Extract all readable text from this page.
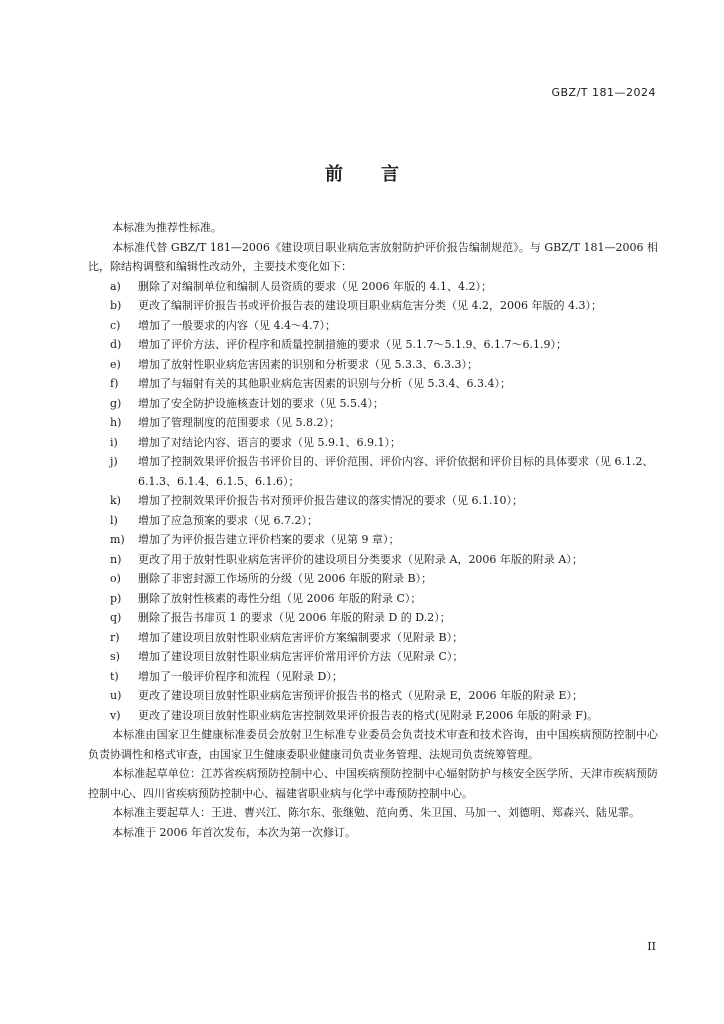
GBZ/T 181—2024
前言
本标准为推荐性标准。
本标准代替 GBZ/T 181—2006《建设项目职业病危害放射防护评价报告编制规范》。与 GBZ/T 181—2006 相比，除结构调整和编辑性改动外，主要技术变化如下：
a) 删除了对编制单位和编制人员资质的要求（见 2006 年版的 4.1、4.2）；
b) 更改了编制评价报告书或评价报告表的建设项目职业病危害分类（见 4.2，2006 年版的 4.3）；
c) 增加了一般要求的内容（见 4.4～4.7）；
d) 增加了评价方法、评价程序和质量控制措施的要求（见 5.1.7～5.1.9、6.1.7～6.1.9）；
e) 增加了放射性职业病危害因素的识别和分析要求（见 5.3.3、6.3.3）；
f) 增加了与辐射有关的其他职业病危害因素的识别与分析（见 5.3.4、6.3.4）；
g) 增加了安全防护设施核查计划的要求（见 5.5.4）；
h) 增加了管理制度的范围要求（见 5.8.2）；
i) 增加了对结论内容、语言的要求（见 5.9.1、6.9.1）；
j) 增加了控制效果评价报告书评价目的、评价范围、评价内容、评价依据和评价目标的具体要求（见 6.1.2、6.1.3、6.1.4、6.1.5、6.1.6）；
k) 增加了控制效果评价报告书对预评价报告建议的落实情况的要求（见 6.1.10）；
l) 增加了应急预案的要求（见 6.7.2）；
m) 增加了为评价报告建立评价档案的要求（见第 9 章）；
n) 更改了用于放射性职业病危害评价的建设项目分类要求（见附录 A，2006 年版的附录 A）；
o) 删除了非密封源工作场所的分级（见 2006 年版的附录 B）；
p) 删除了放射性核素的毒性分组（见 2006 年版的附录 C）；
q) 删除了报告书扉页 1 的要求（见 2006 年版的附录 D 的 D.2）；
r) 增加了建设项目放射性职业病危害评价方案编制要求（见附录 B）；
s) 增加了建设项目放射性职业病危害评价常用评价方法（见附录 C）；
t) 增加了一般评价程序和流程（见附录 D）；
u) 更改了建设项目放射性职业病危害预评价报告书的格式（见附录 E，2006 年版的附录 E）；
v) 更改了建设项目放射性职业病危害控制效果评价报告表的格式(见附录 F,2006 年版的附录 F)。
本标准由国家卫生健康标准委员会放射卫生标准专业委员会负责技术审查和技术咨询，由中国疾病预防控制中心负责协调性和格式审查，由国家卫生健康委职业健康司负责业务管理、法规司负责统筹管理。
本标准起草单位：江苏省疾病预防控制中心、中国疾病预防控制中心辐射防护与核安全医学所、天津市疾病预防控制中心、四川省疾病预防控制中心、福建省职业病与化学中毒预防控制中心。
本标准主要起草人：王进、曹兴江、陈尔东、张继勉、范向勇、朱卫国、马加一、刘德明、郑森兴、陆见霏。
本标准于 2006 年首次发布，本次为第一次修订。
II
